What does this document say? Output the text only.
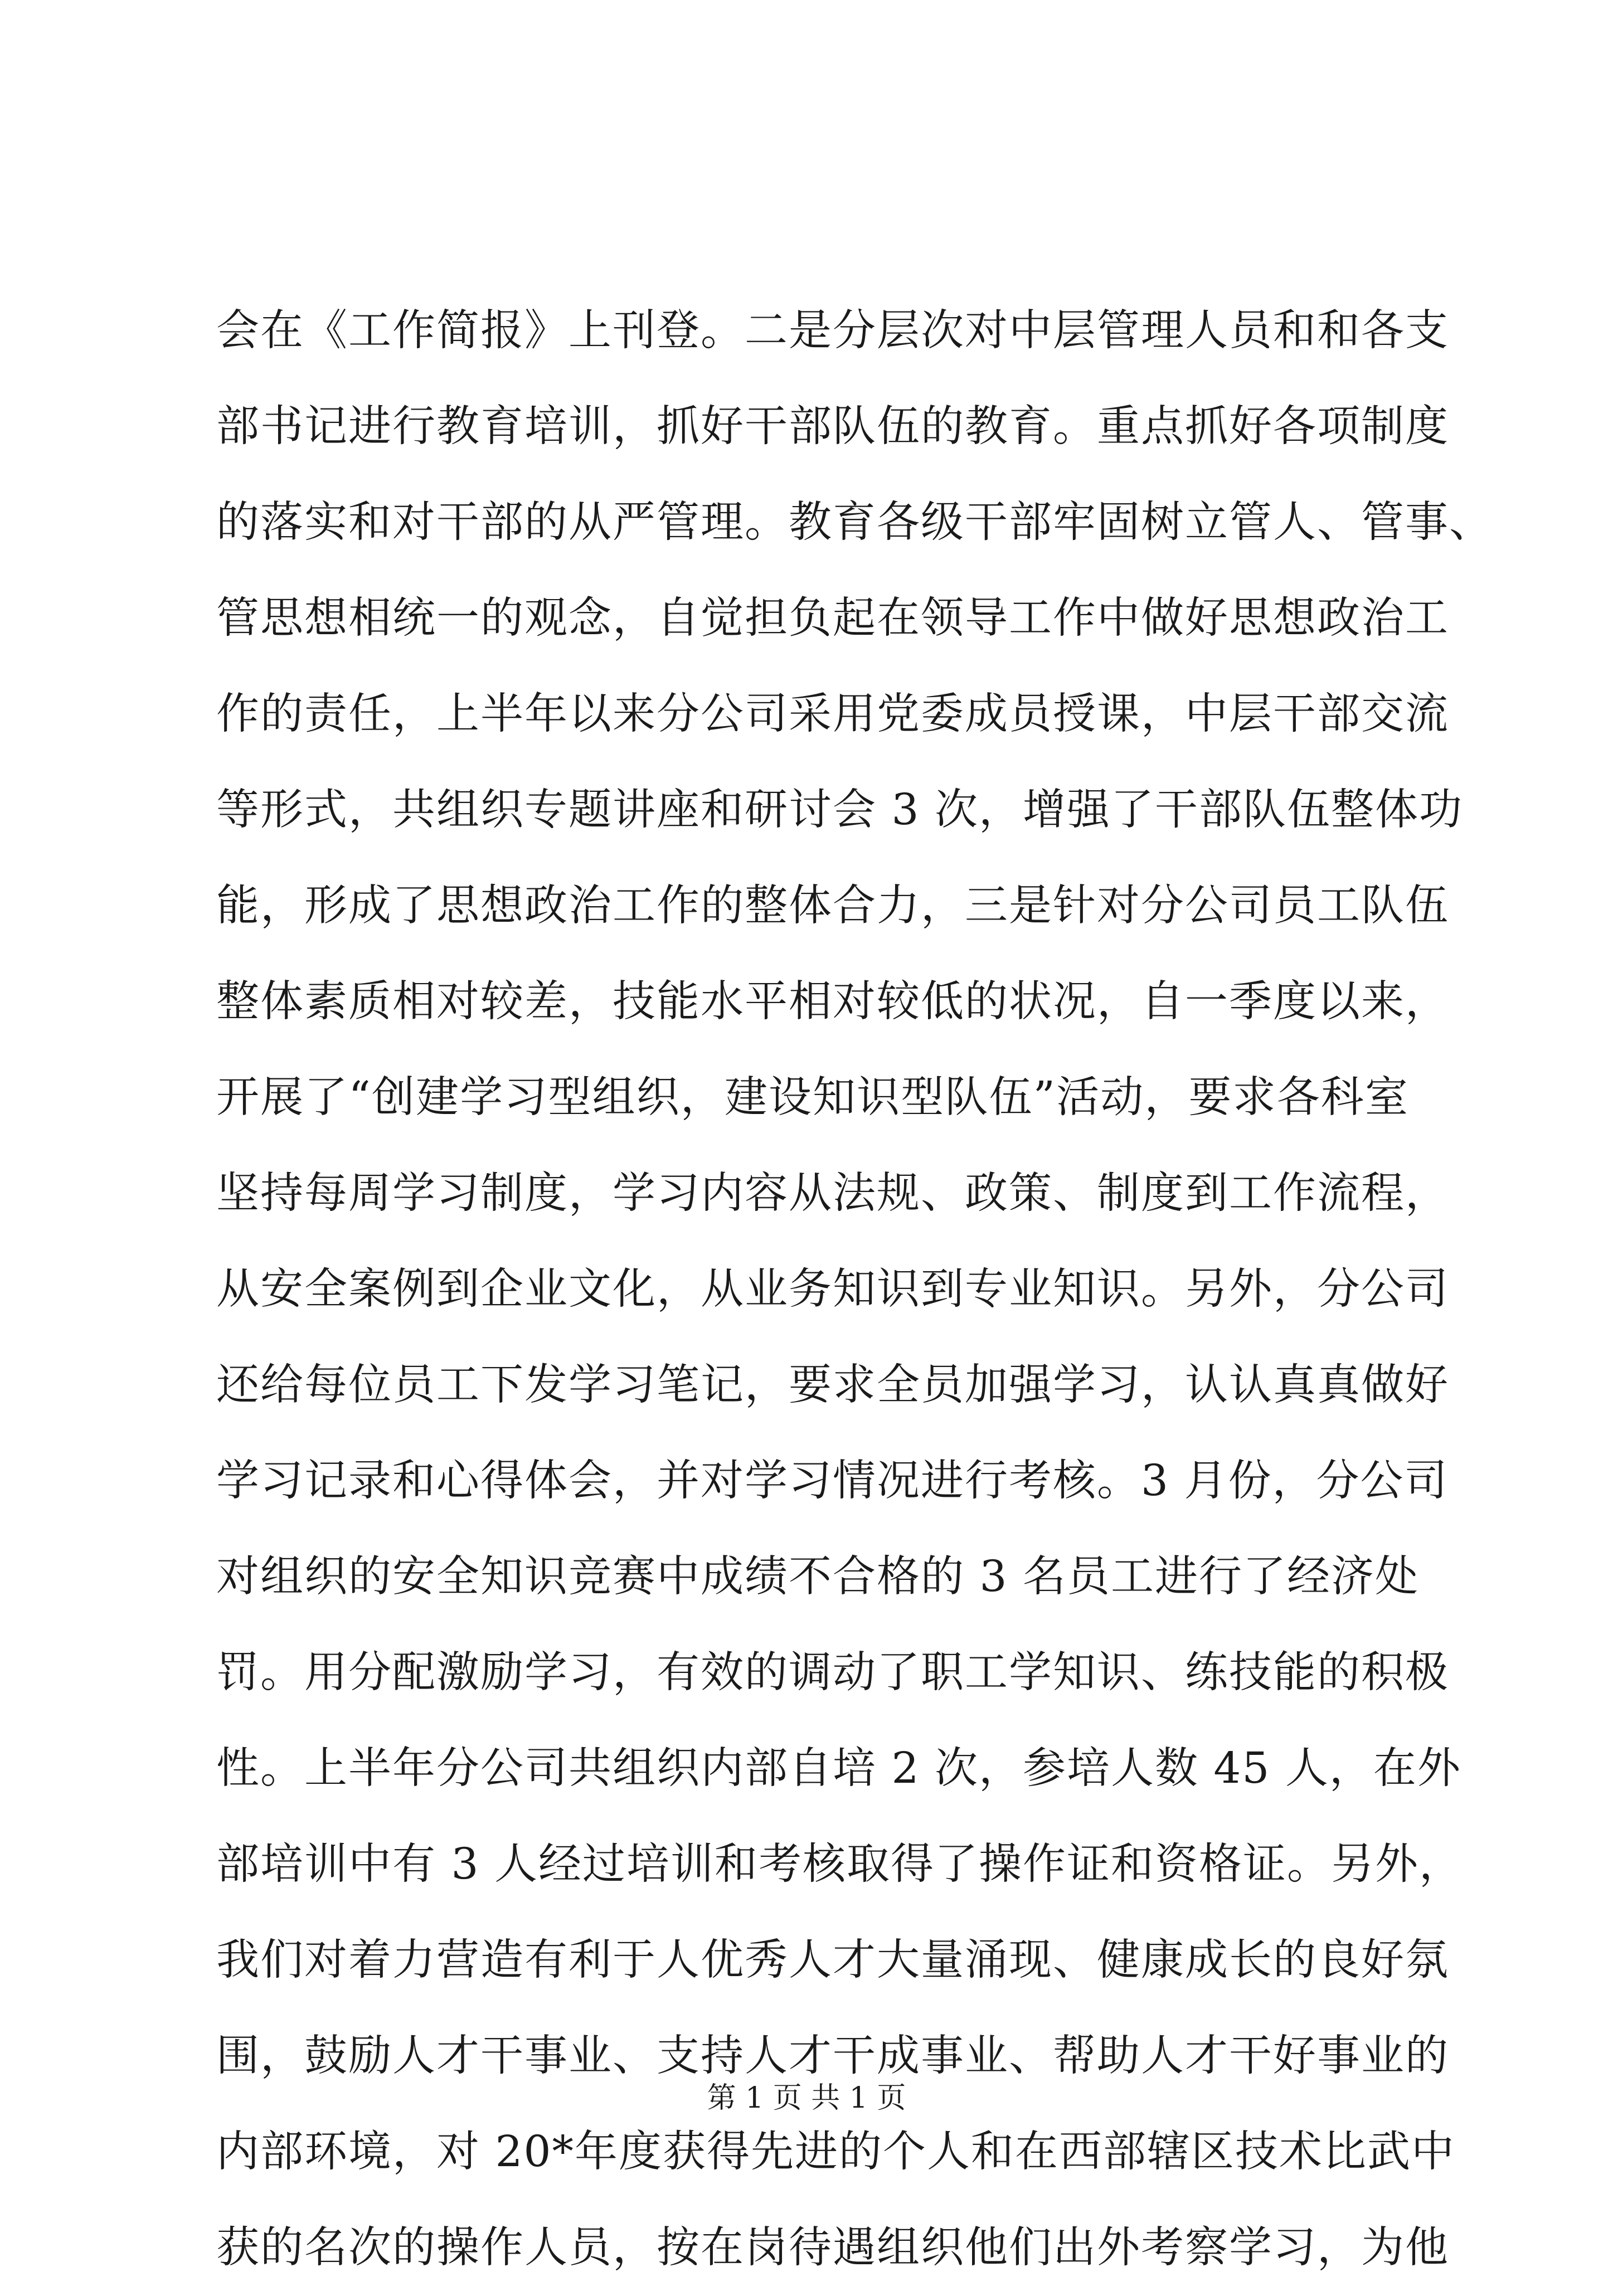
会在《工作简报》上刊登。二是分层次对中层管理人员和和各支
部书记进行教育培训，抓好干部队伍的教育。重点抓好各项制度
的落实和对干部的从严管理。教育各级干部牢固树立管人、管事、
管思想相统一的观念，自觉担负起在领导工作中做好思想政治工
作的责任，上半年以来分公司采用党委成员授课，中层干部交流
等形式，共组织专题讲座和研讨会 3 次，增强了干部队伍整体功
能，形成了思想政治工作的整体合力，三是针对分公司员工队伍
整体素质相对较差，技能水平相对较低的状况，自一季度以来，
开展了“创建学习型组织，建设知识型队伍”活动，要求各科室
坚持每周学习制度，学习内容从法规、政策、制度到工作流程，
从安全案例到企业文化，从业务知识到专业知识。另外，分公司
还给每位员工下发学习笔记，要求全员加强学习，认认真真做好
学习记录和心得体会，并对学习情况进行考核。3 月份，分公司
对组织的安全知识竞赛中成绩不合格的 3 名员工进行了经济处
罚。用分配激励学习，有效的调动了职工学知识、练技能的积极
性。上半年分公司共组织内部自培 2 次，参培人数 45 人，在外
部培训中有 3 人经过培训和考核取得了操作证和资格证。另外，
我们对着力营造有利于人优秀人才大量涌现、健康成长的良好氛
围，鼓励人才干事业、支持人才干成事业、帮助人才干好事业的
内部环境，对 20*年度获得先进的个人和在西部辖区技术比武中
获的名次的操作人员，按在岗待遇组织他们出外考察学习，为他
第 1 页 共 1 页
